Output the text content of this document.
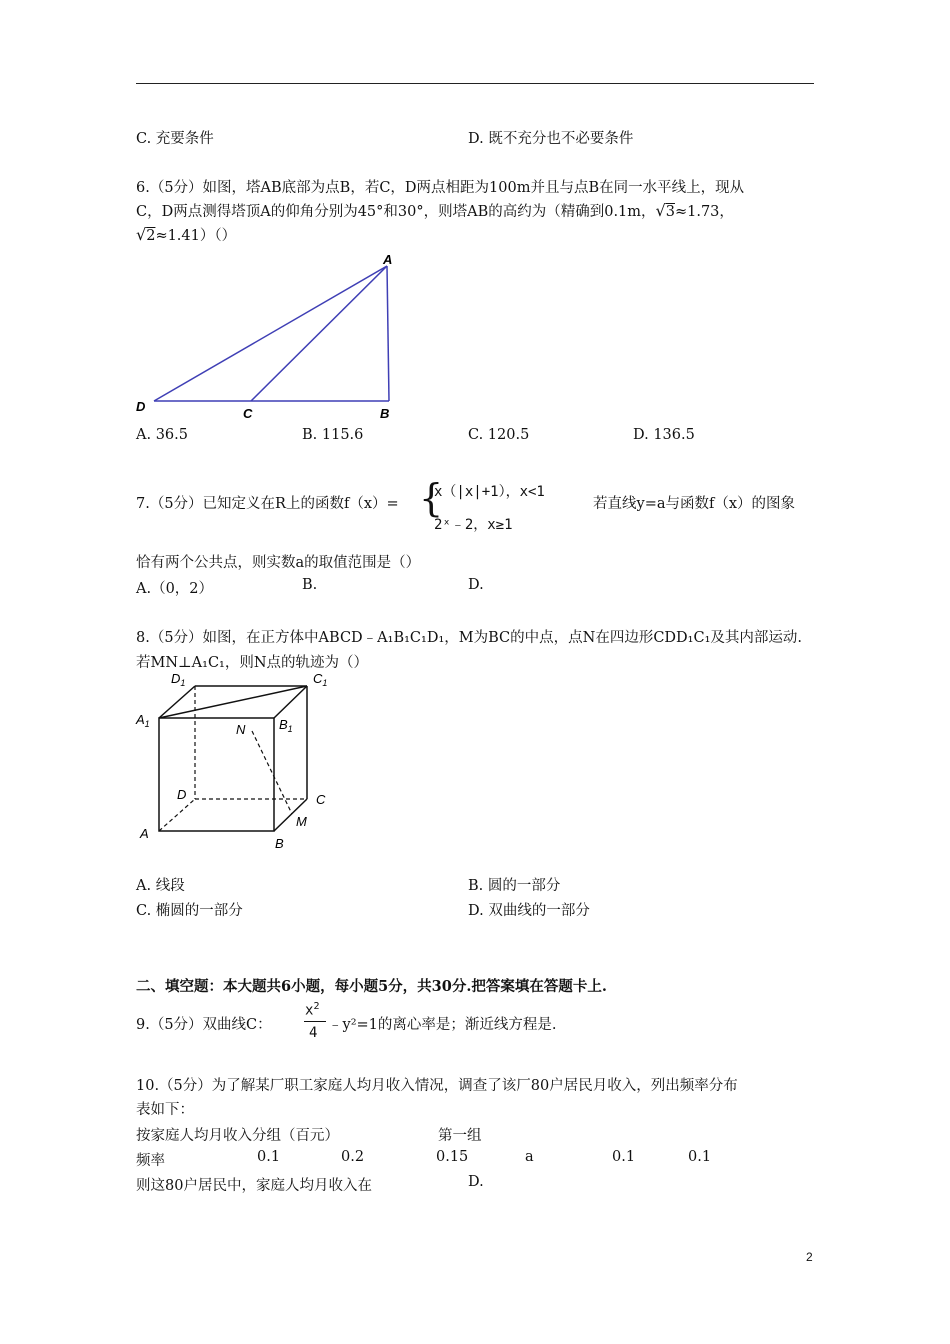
C. 充要条件	D. 既不充分也不必要条件
6.（5分）如图，塔AB底部为点B，若C，D两点相距为100m并且与点B在同一水平线上，现从
C，D两点测得塔顶A的仰角分别为45°和30°，则塔AB的高约为（精确到0.1m，√3≈1.73，
√2≈1.41）（）
A
D	C	B
A. 36.5	B. 115.6	C. 120.5	D. 136.5
7.（5分）已知定义在R上的函数f（x）= {
x（|x|+1），x<1
2ˣ﹣2，x≥1
若直线y=a与函数f（x）的图象
恰有两个公共点，则实数a的取值范围是（）
A.（0，2）	B.	D.
8.（5分）如图，在正方体中ABCD﹣A₁B₁C₁D₁，M为BC的中点，点N在四边形CDD₁C₁及其内部运动.
若MN⊥A₁C₁，则N点的轨迹为（）
$D_1$	$C_1$
$A_1$	$B_1$
N
D	C
A
M
B
A. 线段	B. 圆的一部分
C. 椭圆的一部分	D. 双曲线的一部分
二、填空题：本大题共6小题，每小题5分，共30分.把答案填在答题卡上.
9.（5分）双曲线C：
$x^2$
4 ﹣y²=1的离心率是；渐近线方程是.
10.（5分）为了解某厂职工家庭人均月收入情况，调查了该厂80户居民月收入，列出频率分布
表如下：
按家庭人均月收入分组（百元）	第一组
频率	0.1	0.2	0.15	a	0.1	0.1
则这80户居民中，家庭人均月收入在	D.
2
